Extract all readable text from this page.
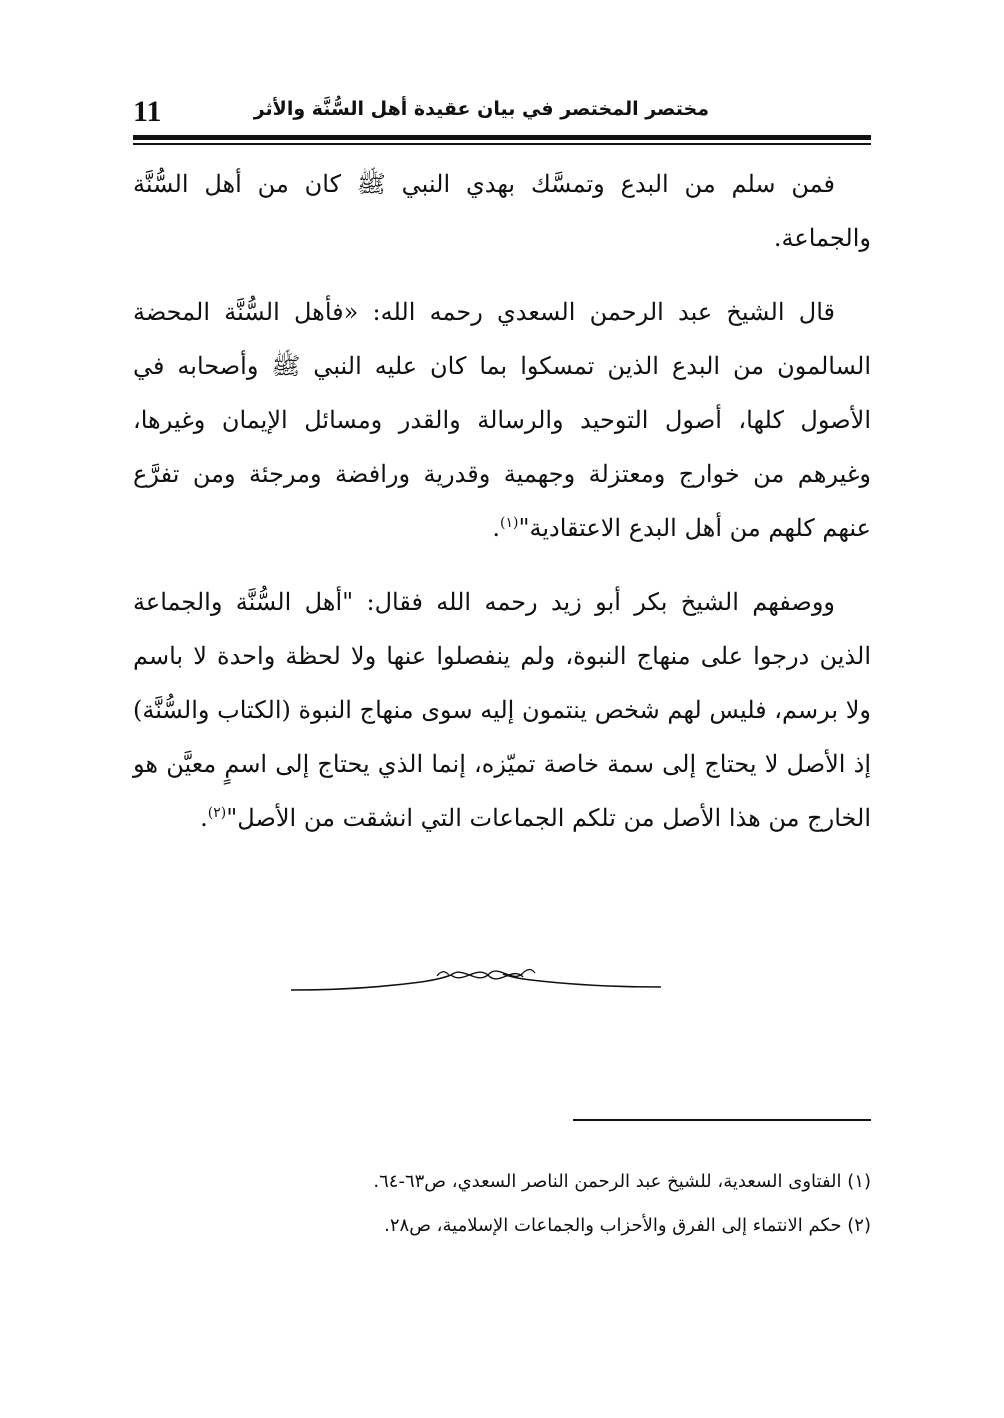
11	مختصر المختصر في بيان عقيدة أهل السُّنَّة والأثر

فمن سلم من البدع وتمسَّك بهدي النبي ﷺ كان من أهل السُّنَّة والجماعة.

قال الشيخ عبد الرحمن السعدي رحمه الله: «فأهل السُّنَّة المحضة السالمون من البدع الذين تمسكوا بما كان عليه النبي ﷺ وأصحابه في الأصول كلها، أصول التوحيد والرسالة والقدر ومسائل الإيمان وغيرها، وغيرهم من خوارج ومعتزلة وجهمية وقدرية ورافضة ومرجئة ومن تفرَّع عنهم كلهم من أهل البدع الاعتقادية"$^{(١)}$.

ووصفهم الشيخ بكر أبو زيد رحمه الله فقال: "أهل السُّنَّة والجماعة الذين درجوا على منهاج النبوة، ولم ينفصلوا عنها ولا لحظة واحدة لا باسم ولا برسم، فليس لهم شخص ينتمون إليه سوى منهاج النبوة (الكتاب والسُّنَّة) إذ الأصل لا يحتاج إلى سمة خاصة تميّزه، إنما الذي يحتاج إلى اسمٍ معيَّن هو الخارج من هذا الأصل من تلكم الجماعات التي انشقت من الأصل"$^{(٢)}$.

(١) الفتاوى السعدية، للشيخ عبد الرحمن الناصر السعدي، ص٦٣-٦٤.

(٢) حكم الانتماء إلى الفرق والأحزاب والجماعات الإسلامية، ص٢٨.
